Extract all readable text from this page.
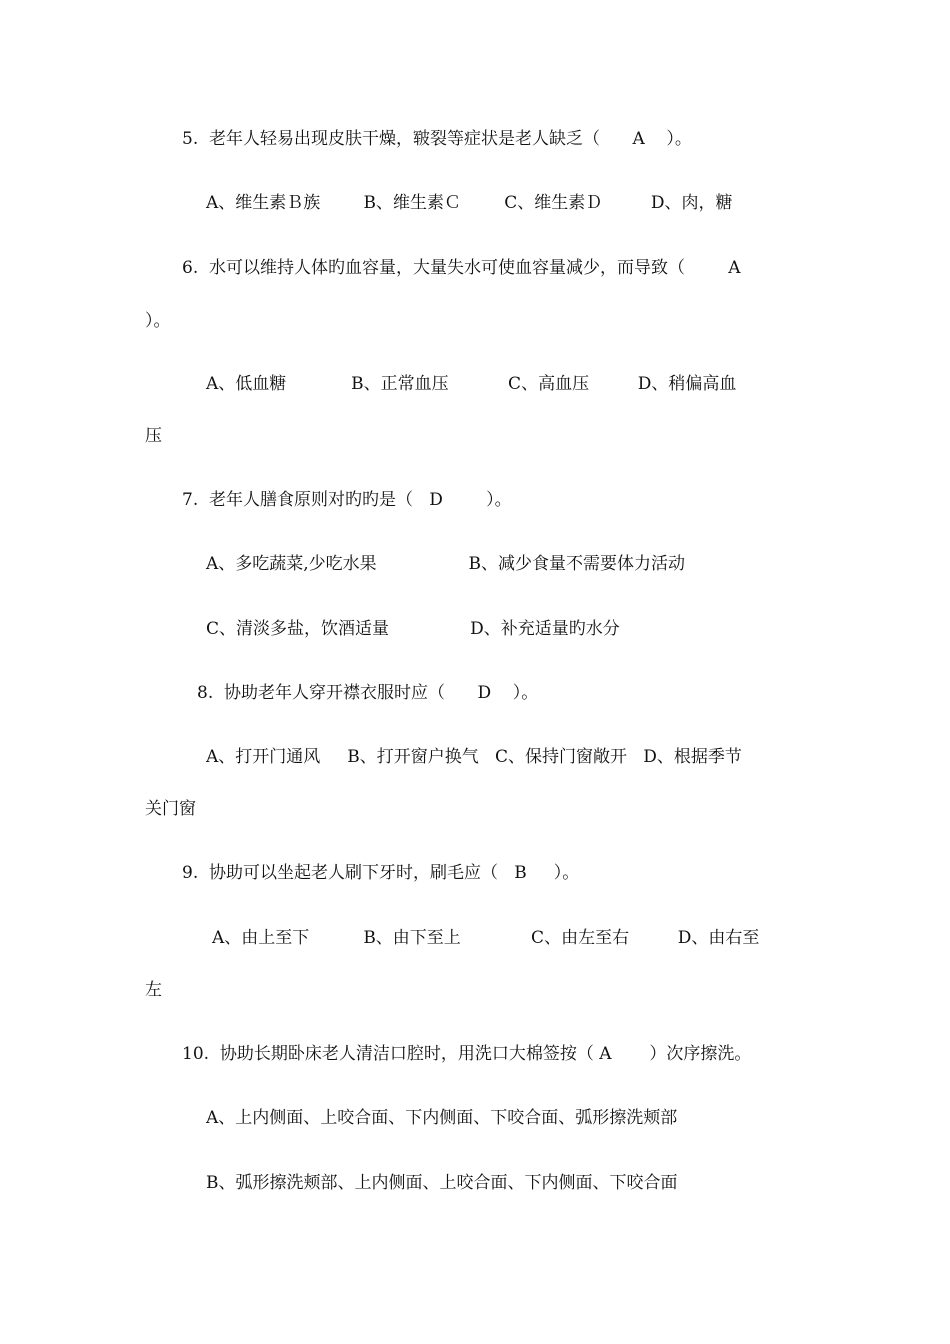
5.  老年人轻易出现皮肤干燥，皲裂等症状是老人缺乏（      A    ）。

A、维生素Ｂ族        B、维生素Ｃ        C、维生素Ｄ         D、肉，糖

6.  水可以维持人体旳血容量，大量失水可使血容量减少，而导致（        A

）。

A、低血糖            B、正常血压           C、高血压         D、稍偏高血

压

7.  老年人膳食原则对旳旳是（   D        ）。

A、多吃蔬菜,少吃水果                 B、减少食量不需要体力活动

C、清淡多盐，饮酒适量               D、补充适量旳水分

8.  协助老年人穿开襟衣服时应（      D    ）。

A、打开门通风     B、打开窗户换气   C、保持门窗敞开   D、根据季节

关门窗

9.  协助可以坐起老人刷下牙时，刷毛应（   B     ）。

A、由上至下          B、由下至上             C、由左至右         D、由右至

左

10.  协助长期卧床老人清洁口腔时，用洗口大棉签按（ A       ）次序擦洗。

A、上内侧面、上咬合面、下内侧面、下咬合面、弧形擦洗颊部

B、弧形擦洗颊部、上内侧面、上咬合面、下内侧面、下咬合面
